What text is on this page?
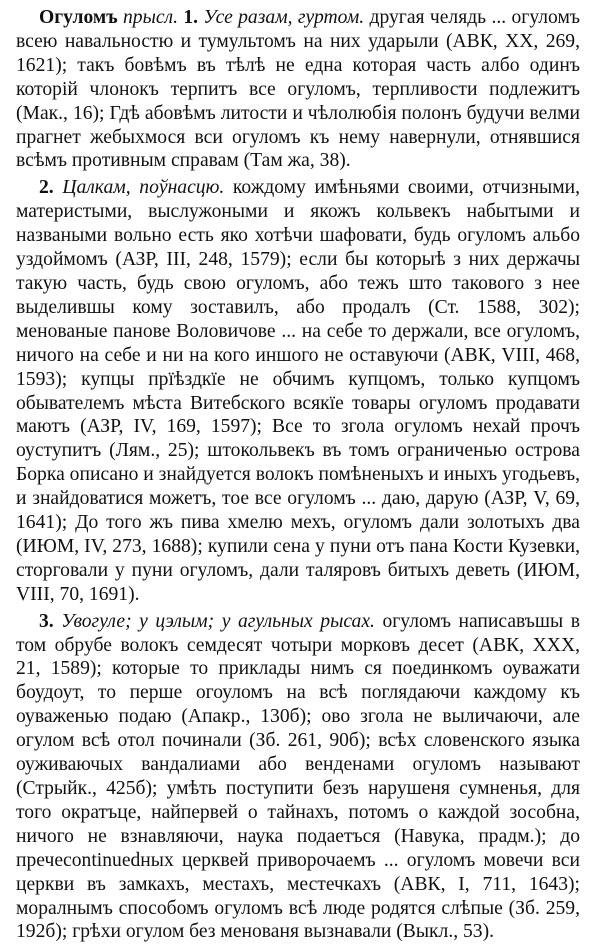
Огуломъ прысл. 1. Усе разам, гуртом. другая челядь ... огуломъ всею навальностю и тумультомъ на них ударыли (АВК, XX, 269, 1621); такъ бовѣмъ въ тѣлѣ не една которая часть албо одинъ которій члонокъ терпитъ все огуломъ, терпливости подлежитъ (Мак., 16); Гдѣ абовѣмъ литости и чѣлолюбія полонъ будучи велми прагнет жебыхмося вси огуломъ къ нему навернули, отнявшися всѣмъ противным справам (Там жа, 38).

2. Цалкам, поўнасцю. кождому имѣньями своими, отчизными, материстыми, выслужоными и якожъ кольвекъ набытыми и назваными вольно есть яко хотѣчи шафовати, будь огуломъ альбо уздоймомъ (АЗР, III, 248, 1579); если бы которыѣ з них держачы такую часть, будь свою огуломъ, або тежъ што такового з нее выделившы кому зоставилъ, або продалъ (Ст. 1588, 302); менованые панове Воловичове ... на себе то держали, все огуломъ, ничого на себе и ни на кого иншого не оставуючи (АВК, VIII, 468, 1593); купцы прїѣздкїе не обчимъ купцомъ, только купцомъ обывателемъ мѣста Витебского всякїе товары огуломъ продавати маютъ (АЗР, IV, 169, 1597); Все то згола огуломъ нехай прочъ оуступитъ (Лям., 25); штокольвекъ въ томъ ограниченью острова Борка описано и знайдуется волокъ помѣненыхъ и иныхъ угодьевъ, и знайдоватися можетъ, тое все огуломъ ... даю, дарую (АЗР, V, 69, 1641); До того жъ пива хмелю мехъ, огуломъ дали золотыхъ два (ИЮМ, IV, 273, 1688); купили сена у пуни отъ пана Кости Кузевки, сторговали у пуни огуломъ, дали таляровъ битыхъ деветь (ИЮМ, VIII, 70, 1691).

3. Увогуле; у цэлым; у агульных рысах. огуломъ написавъшы в том обрубе волокъ семдесят чотыри морковъ десет (АВК, XXX, 21, 1589); которые то приклады нимъ ся поединкомъ оуважати боудоут, то перше огоуломъ на всѣ поглядаючи каждому къ оуваженью подаю (Апакр., 130б); ово згола не выличаючи, але огулом всѣ отол починали (Зб. 261, 90б); всѣх словенского языка оуживаючых вандалиами або венденами огуломъ называют (Стрыйк., 425б); умѣть поступити безъ нарушеня сумненья, для того ократъце, найпервей о тайнахъ, потомъ о каждой зособна, ничого не взнавляючи, наука подаетъся (Навука, прадм.); до пречеcontinuedных церквей приворочаемъ ... огуломъ мовечи вси церкви въ замкахъ, местахъ, местечкахъ (АВК, I, 711, 1643); моралнымъ способомъ огуломъ всѣ люде родятся слѣпые (Зб. 259, 192б); грѣхи огулом без менованя вызнавали (Выкл., 53).
